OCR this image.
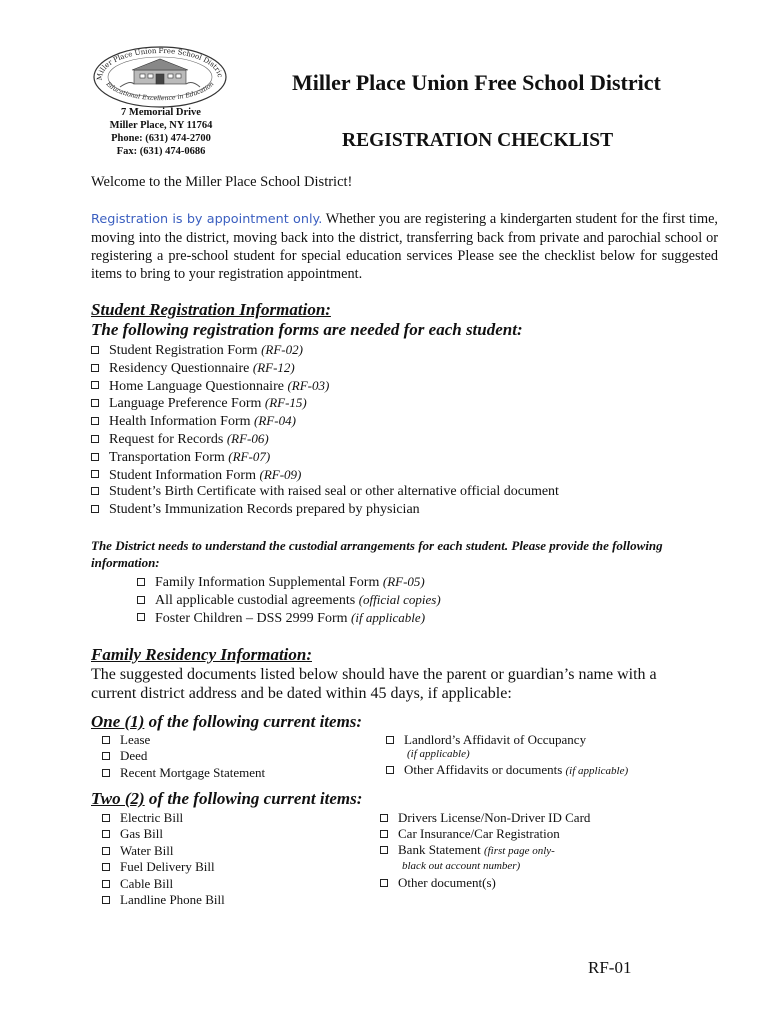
Miller Place Union Free School Distric
Educational Excellence in Education
7 Memorial Drive
Miller Place, NY 11764
Phone: (631) 474-2700
Fax: (631) 474-0686
Miller Place Union Free School District
REGISTRATION CHECKLIST
Welcome to the Miller Place School District!
Registration is by appointment only. Whether you are registering a kindergarten student for the first time, moving into the district, moving back into the district, transferring back from private and parochial school or registering a pre-school student for special education services Please see the checklist below for suggested items to bring to your registration appointment.
Student Registration Information:
The following registration forms are needed for each student:
Student Registration Form (RF-02)
Residency Questionnaire (RF-12)
Home Language Questionnaire (RF-03)
Language Preference Form (RF-15)
Health Information Form (RF-04)
Request for Records (RF-06)
Transportation Form (RF-07)
Student Information Form (RF-09)
Student’s Birth Certificate with raised seal or other alternative official document
Student’s Immunization Records prepared by physician
The District needs to understand the custodial arrangements for each student. Please provide the following information:
Family Information Supplemental Form (RF-05)
All applicable custodial agreements (official copies)
Foster Children – DSS 2999 Form (if applicable)
Family Residency Information:
The suggested documents listed below should have the parent or guardian’s name with a current district address and be dated within 45 days, if applicable:
One (1) of the following current items:
Lease
Deed
Recent Mortgage Statement
Landlord’s Affidavit of Occupancy
(if applicable)
Other Affidavits or documents (if applicable)
Two (2) of the following current items:
Electric Bill
Gas Bill
Water Bill
Fuel Delivery Bill
Cable Bill
Landline Phone Bill
Drivers License/Non-Driver ID Card
Car Insurance/Car Registration
Bank Statement (first page only-
black out account number)
Other document(s)
RF-01
